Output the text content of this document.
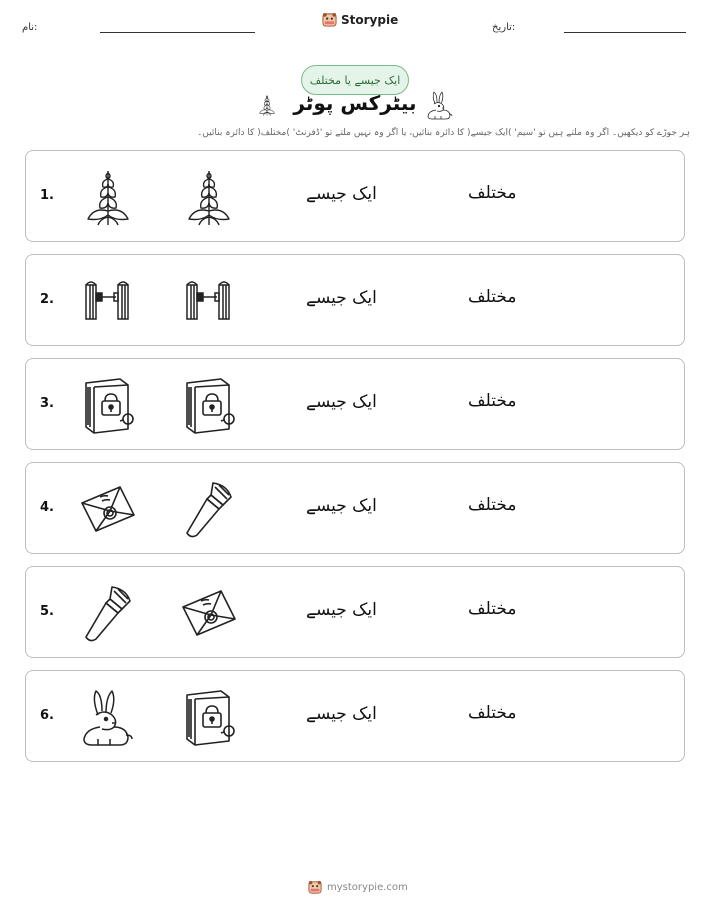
تاریخ:
Storypie
نام:
ایک جیسے یا مختلف
بیٹرکس پوٹر
ہر جوڑے کو دیکھیں۔ اگر وہ ملتے ہیں تو 'سیم' )ایک جیسے( کا دائرہ بنائیں، یا اگر وہ نہیں ملتے تو 'ڈفرنٹ' )مختلف( کا دائرہ بنائیں۔
1.	ایک جیسے	مختلف
2.	ایک جیسے	مختلف
3.	ایک جیسے	مختلف
4.	ایک جیسے	مختلف
5.	ایک جیسے	مختلف
6.	ایک جیسے	مختلف
mystorypie.com
